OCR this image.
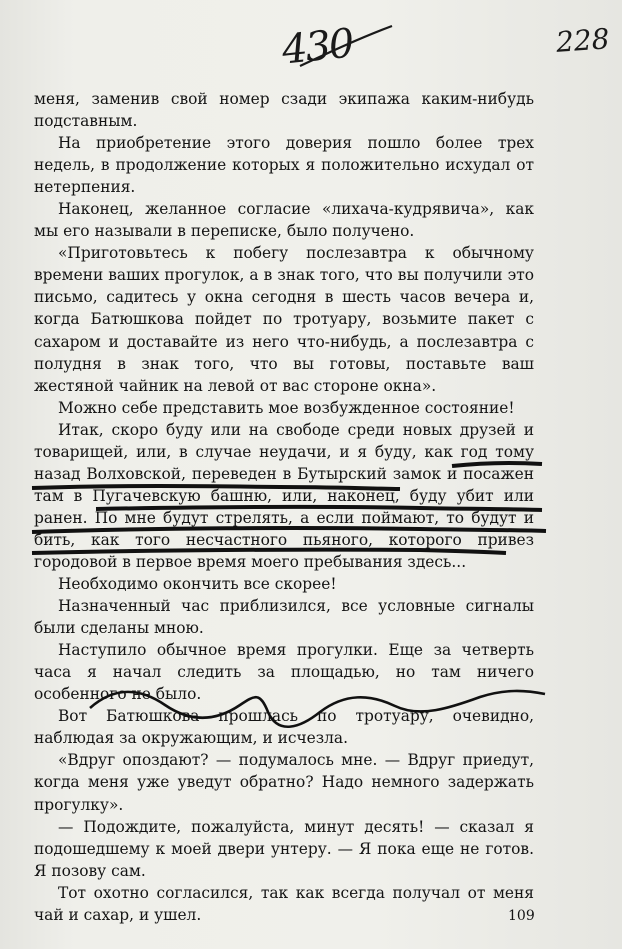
430	228

меня, заменив свой номер сзади экипажа каким-нибудь подставным.

На приобретение этого доверия пошло более трех недель, в продолжение которых я положительно исхудал от нетерпения.

Наконец, желанное согласие «лихача-кудрявича», как мы его называли в переписке, было получено.

«Приготовьтесь к побегу послезавтра к обычному времени ваших прогулок, а в знак того, что вы получили это письмо, садитесь у окна сегодня в шесть часов вечера и, когда Батюшкова пойдет по тротуару, возьмите пакет с сахаром и доставайте из него что-нибудь, а послезавтра с полудня в знак того, что вы готовы, поставьте ваш жестяной чайник на левой от вас стороне окна».

Можно себе представить мое возбужденное состояние!

Итак, скоро буду или на свободе среди новых друзей и товарищей, или, в случае неудачи, и я буду, как год тому назад Волховской, переведен в Бутырский замок и посажен там в Пугачевскую башню, или, наконец, буду убит или ранен. По мне будут стрелять, а если поймают, то будут и бить, как того несчастного пьяного, которого привез городовой в первое время моего пребывания здесь...

Необходимо окончить все скорее!

Назначенный час приблизился, все условные сигналы были сделаны мною.

Наступило обычное время прогулки. Еще за четверть часа я начал следить за площадью, но там ничего особенного не было.

Вот Батюшкова прошлась по тротуару, очевидно, наблюдая за окружающим, и исчезла.

«Вдруг опоздают? — подумалось мне. — Вдруг приедут, когда меня уже уведут обратно? Надо немного задержать прогулку».

— Подождите, пожалуйста, минут десять! — сказал я подошедшему к моей двери унтеру. — Я пока еще не готов. Я позову сам.

Тот охотно согласился, так как всегда получал от меня чай и сахар, и ушел.	109
